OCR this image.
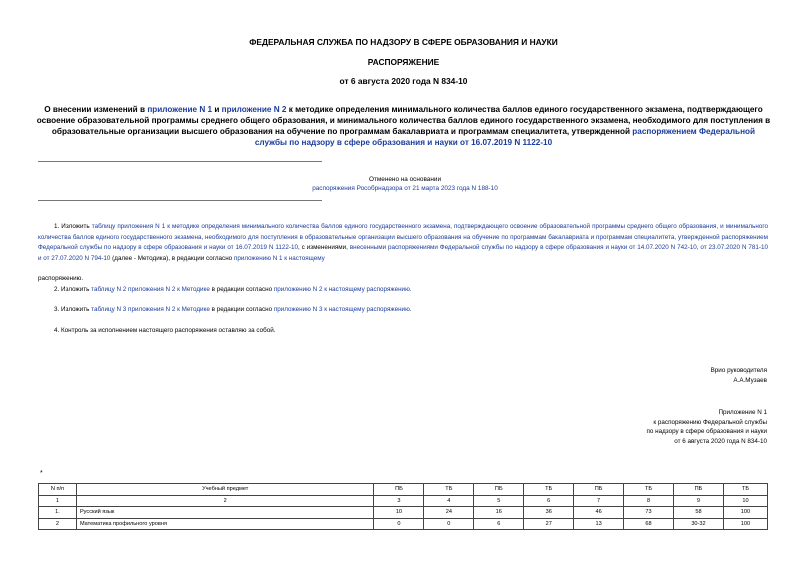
ФЕДЕРАЛЬНАЯ СЛУЖБА ПО НАДЗОРУ В СФЕРЕ ОБРАЗОВАНИЯ И НАУКИ
РАСПОРЯЖЕНИЕ
от 6 августа 2020 года N 834-10
О внесении изменений в приложение N 1 и приложение N 2 к методике определения минимального количества баллов единого государственного экзамена, подтверждающего освоение образовательной программы среднего общего образования, и минимального количества баллов единого государственного экзамена, необходимого для поступления в образовательные организации высшего образования на обучение по программам бакалавриата и программам специалитета, утвержденной распоряжением Федеральной службы по надзору в сфере образования и науки от 16.07.2019 N 1122-10
Отменено на основании
распоряжения Рособрнадзора от 21 марта 2023 года N 188-10
1. Изложить таблицу приложения N 1 к методике определения минимального количества баллов единого государственного экзамена, подтверждающего освоение образовательной программы среднего общего образования, и минимального количества баллов единого государственного экзамена, необходимого для поступления в образовательные организации высшего образования на обучение по программам бакалавриата и программам специалитета, утвержденной распоряжением Федеральной службы по надзору в сфере образования и науки от 16.07.2019 N 1122-10, с изменениями, внесенными распоряжениями Федеральной службы по надзору в сфере образования и науки от 14.07.2020 N 742-10, от 23.07.2020 N 781-10 и от 27.07.2020 N 794-10 (далее - Методика), в редакции согласно приложению N 1 к настоящему
распоряжению.
2. Изложить таблицу N 2 приложения N 2 к Методике в редакции согласно приложению N 2 к настоящему распоряжению.
3. Изложить таблицу N 3 приложения N 2 к Методике в редакции согласно приложению N 3 к настоящему распоряжению.
4. Контроль за исполнением настоящего распоряжения оставляю за собой.
Врио руководителя
А.А.Музаев
Приложение N 1
к распоряжению Федеральной службы
по надзору в сфере образования и науки
от 6 августа 2020 года N 834-10
*
N п/п	Учебный предмет	ПБ	ТБ	ПБ	ТБ	ПБ	ТБ	ПБ	ТБ
1	2	3	4	5	6	7	8	9	10
1.	Русский язык	10	24	16	36	46	73	58	100
2	Математика профильного уровня	0	0	6	27	13	68	30-32	100
